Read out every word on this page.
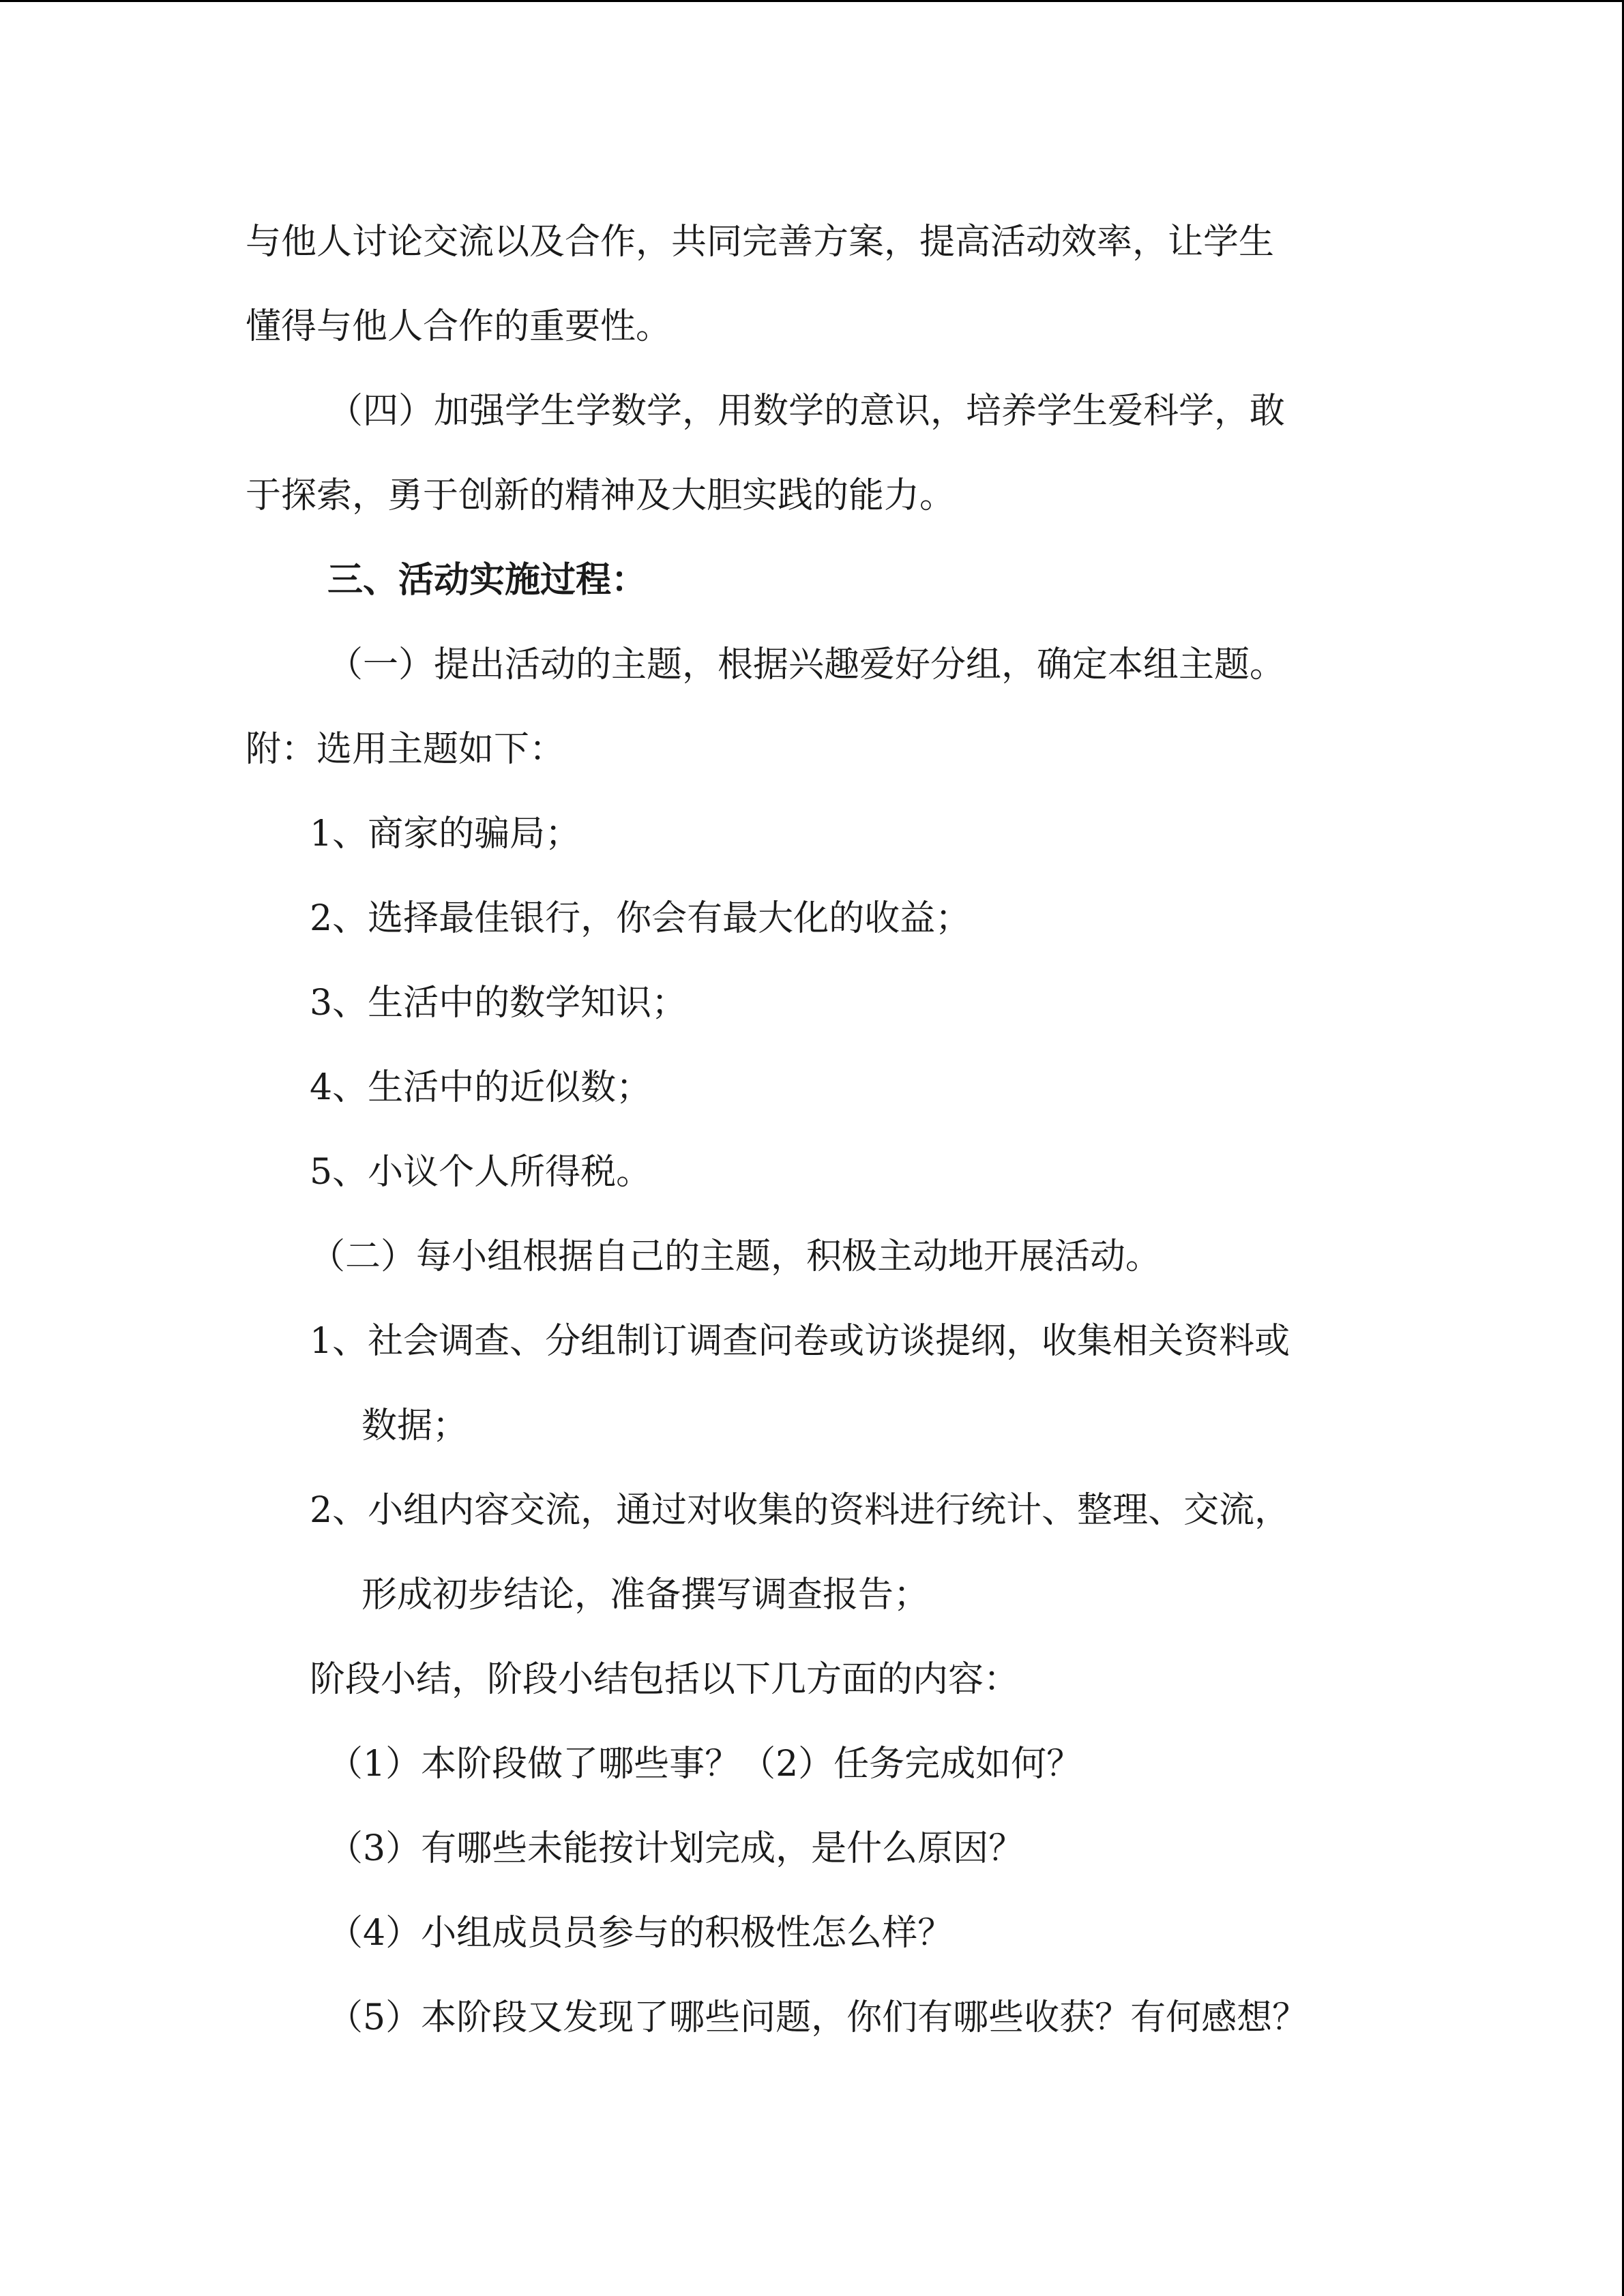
与他人讨论交流以及合作，共同完善方案，提高活动效率，让学生
懂得与他人合作的重要性。
（四）加强学生学数学，用数学的意识，培养学生爱科学，敢
于探索，勇于创新的精神及大胆实践的能力。
三、活动实施过程：
（一）提出活动的主题，根据兴趣爱好分组，确定本组主题。
附：选用主题如下：
1、商家的骗局；
2、选择最佳银行，你会有最大化的收益；
3、生活中的数学知识；
4、生活中的近似数；
5、小议个人所得税。
（二）每小组根据自己的主题，积极主动地开展活动。
1、社会调查、分组制订调查问卷或访谈提纲，收集相关资料或
数据；
2、小组内容交流，通过对收集的资料进行统计、整理、交流，
形成初步结论，准备撰写调查报告；
阶段小结，阶段小结包括以下几方面的内容：
（1）本阶段做了哪些事？（2）任务完成如何？
（3）有哪些未能按计划完成，是什么原因？
（4）小组成员员参与的积极性怎么样？
（5）本阶段又发现了哪些问题，你们有哪些收获？有何感想？
